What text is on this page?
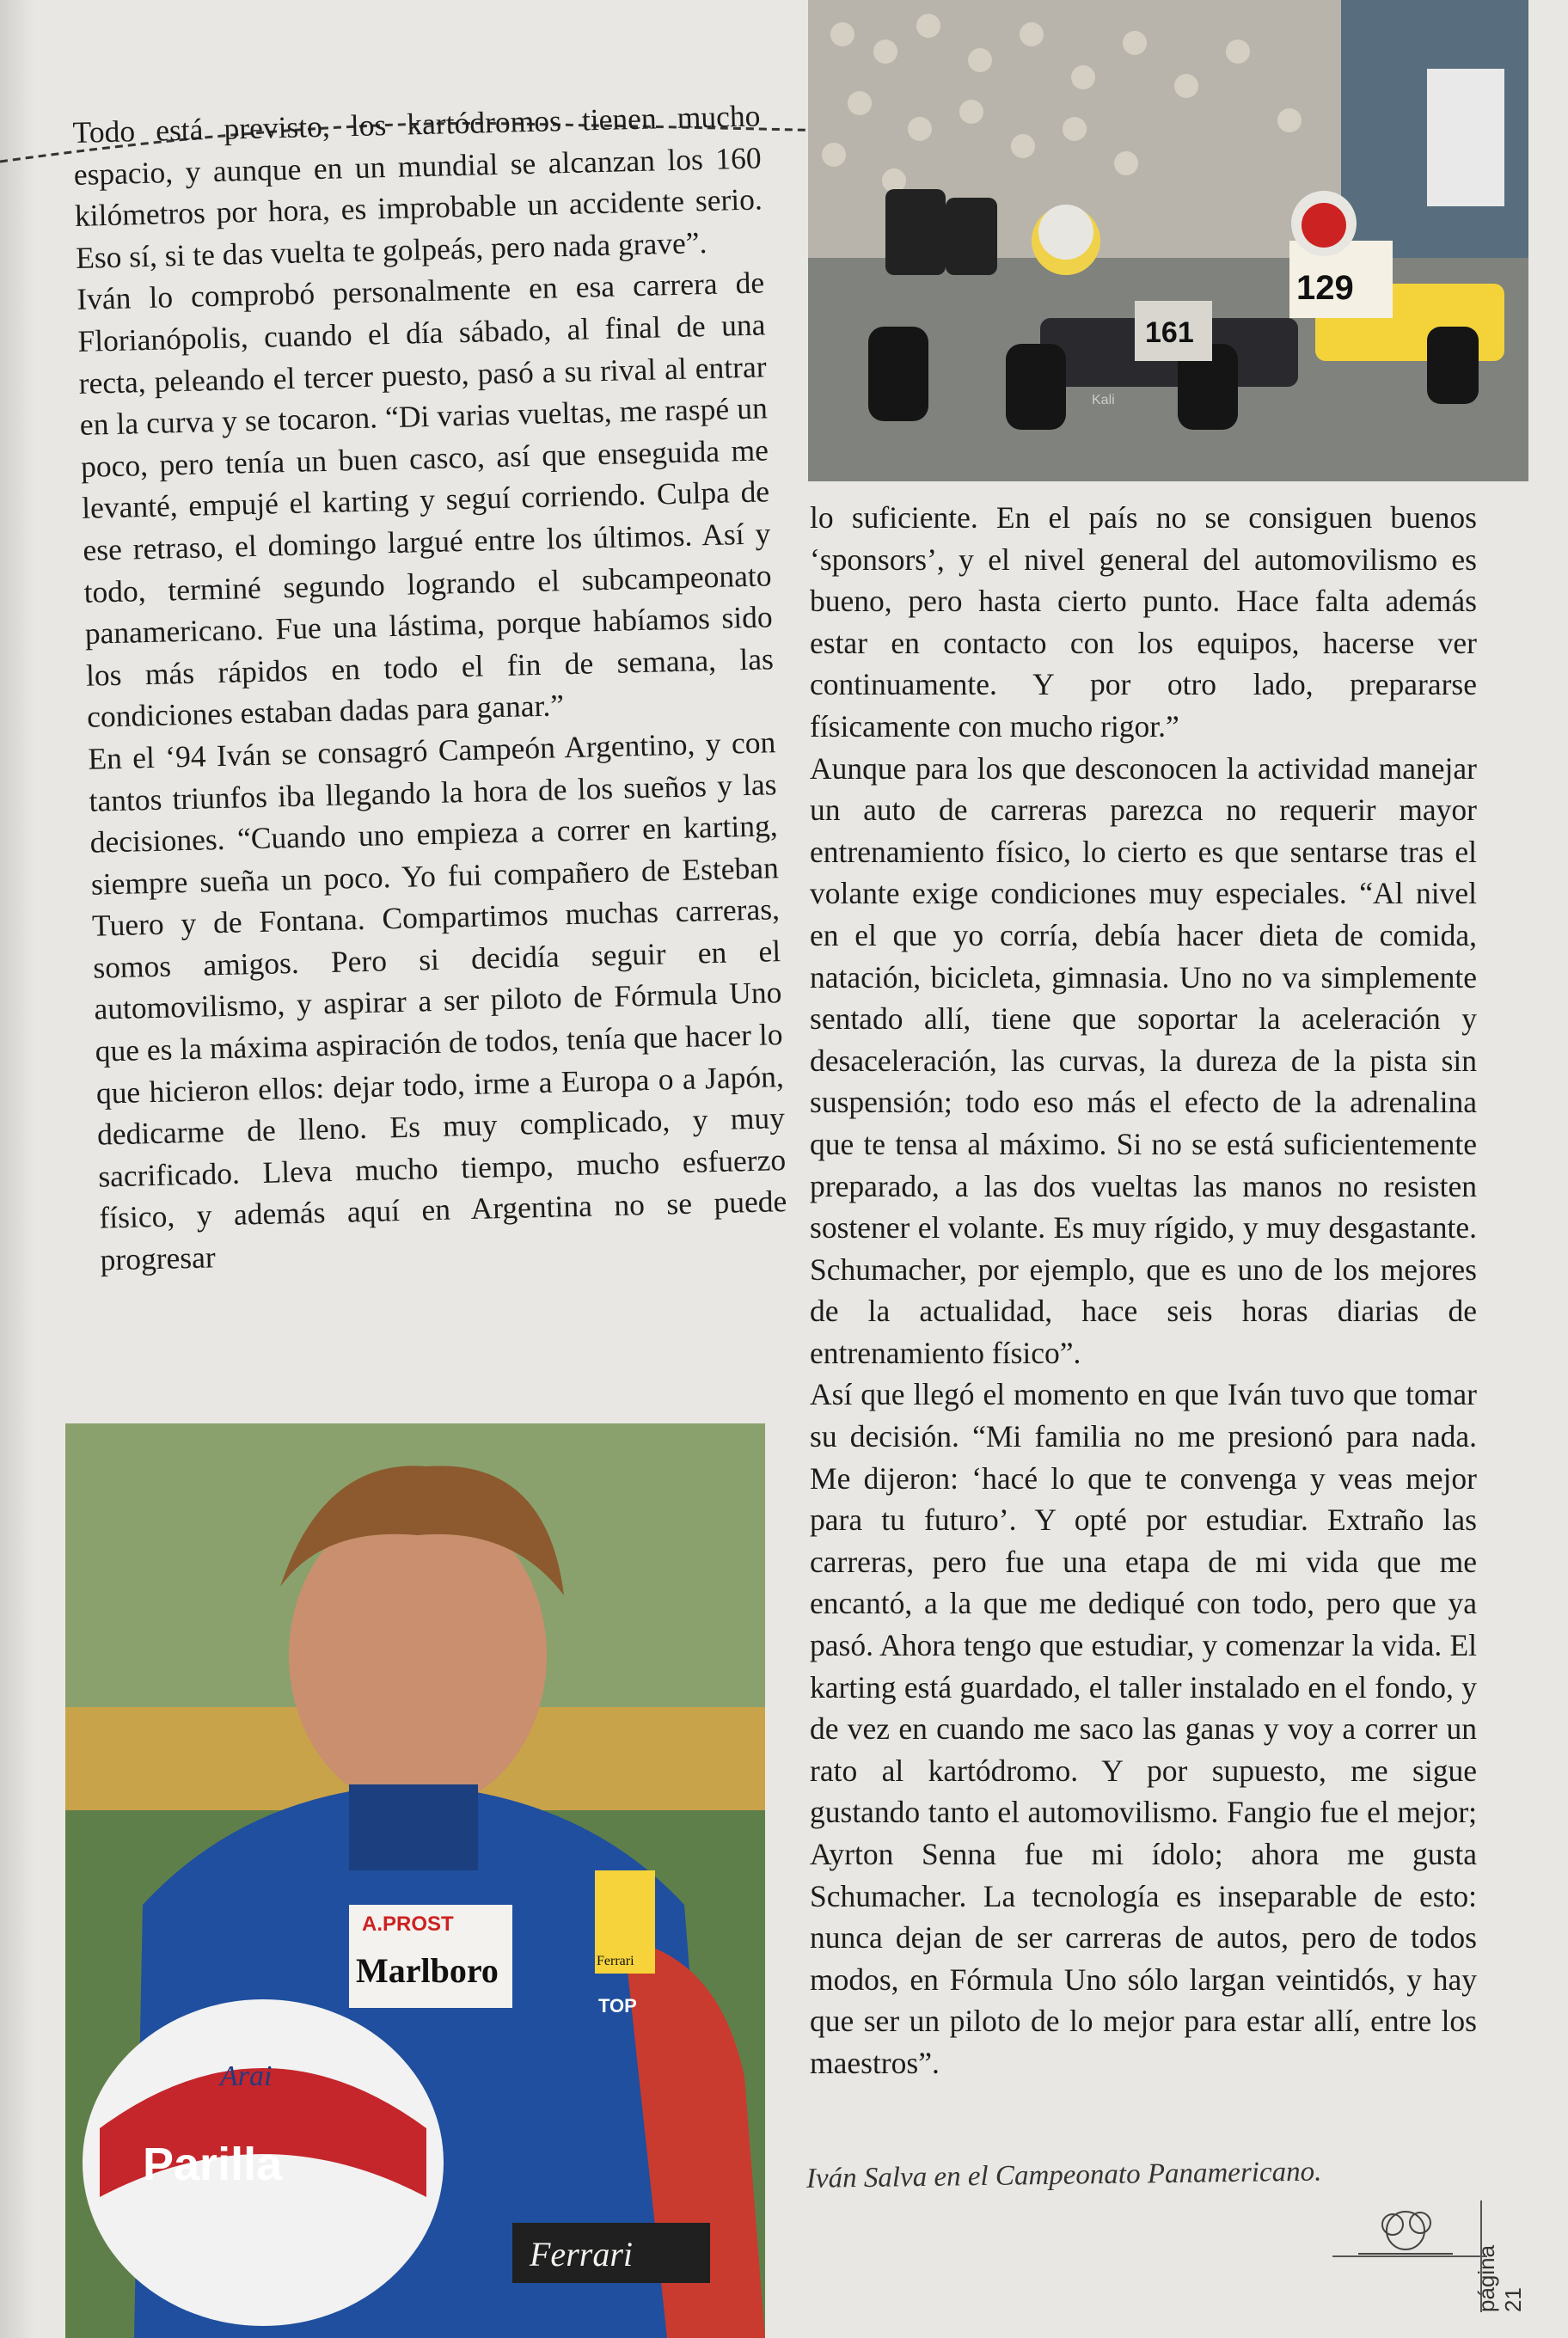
161
129
Kali

Todo está previsto, los kartódromos tienen mucho espacio, y aunque en un mundial se alcanzan los 160 kilómetros por hora, es improbable un accidente serio. Eso sí, si te das vuelta te golpeás, pero nada grave”.

Iván lo comprobó personalmente en esa carrera de Florianópolis, cuando el día sábado, al final de una recta, peleando el tercer puesto, pasó a su rival al entrar en la curva y se tocaron. “Di varias vueltas, me raspé un poco, pero tenía un buen casco, así que enseguida me levanté, empujé el karting y seguí corriendo. Culpa de ese retraso, el domingo largué entre los últimos. Así y todo, terminé segundo logrando el subcampeonato panamericano. Fue una lástima, porque habíamos sido los más rápidos en todo el fin de semana, las condiciones estaban dadas para ganar.”

En el ‘94 Iván se consagró Campeón Argentino, y con tantos triunfos iba llegando la hora de los sueños y las decisiones. “Cuando uno empieza a correr en karting, siempre sueña un poco. Yo fui compañero de Esteban Tuero y de Fontana. Compartimos muchas carreras, somos amigos. Pero si decidía seguir en el automovilismo, y aspirar a ser piloto de Fórmula Uno que es la máxima aspiración de todos, tenía que hacer lo que hicieron ellos: dejar todo, irme a Europa o a Japón, dedicarme de lleno. Es muy complicado, y muy sacrificado. Lleva mucho tiempo, mucho esfuerzo físico, y además aquí en Argentina no se puede progresar

lo suficiente. En el país no se consiguen buenos ‘sponsors’, y el nivel general del automovilismo es bueno, pero hasta cierto punto. Hace falta además estar en contacto con los equipos, hacerse ver continuamente. Y por otro lado, prepararse físicamente con mucho rigor.”

Aunque para los que desconocen la actividad manejar un auto de carreras parezca no requerir mayor entrenamiento físico, lo cierto es que sentarse tras el volante exige condiciones muy especiales. “Al nivel en el que yo corría, debía hacer dieta de comida, natación, bicicleta, gimnasia. Uno no va simplemente sentado allí, tiene que soportar la aceleración y desaceleración, las curvas, la dureza de la pista sin suspensión; todo eso más el efecto de la adrenalina que te tensa al máximo. Si no se está suficientemente preparado, a las dos vueltas las manos no resisten sostener el volante. Es muy rígido, y muy desgastante. Schumacher, por ejemplo, que es uno de los mejores de la actualidad, hace seis horas diarias de entrenamiento físico”.

Así que llegó el momento en que Iván tuvo que tomar su decisión. “Mi familia no me presionó para nada. Me dijeron: ‘hacé lo que te convenga y veas mejor para tu futuro’. Y opté por estudiar. Extraño las carreras, pero fue una etapa de mi vida que me encantó, a la que me dediqué con todo, pero que ya pasó. Ahora tengo que estudiar, y comenzar la vida. El karting está guardado, el taller instalado en el fondo, y de vez en cuando me saco las ganas y voy a correr un rato al kartódromo. Y por supuesto, me sigue gustando tanto el automovilismo. Fangio fue el mejor; Ayrton Senna fue mi ídolo; ahora me gusta Schumacher. La tecnología es inseparable de esto: nunca dejan de ser carreras de autos, pero de todos modos, en Fórmula Uno sólo largan veintidós, y hay que ser un piloto de lo mejor para estar allí, entre los maestros”.

A.PROST
Marlboro	Ferrari
TOP
Arai
Parilla
Ferrari
Iván Salva en el Campeonato Panamericano.
página 21
